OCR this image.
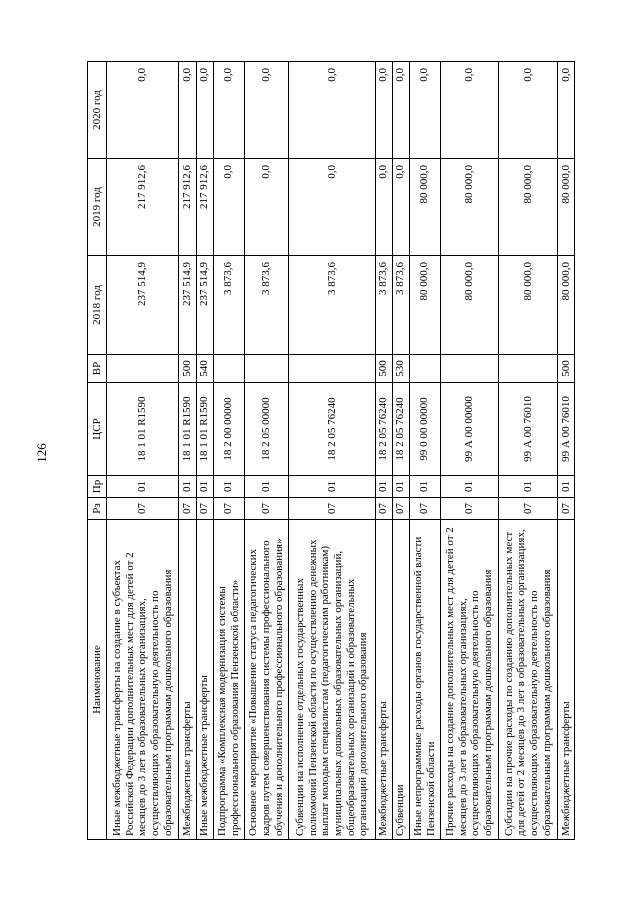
126
Наименование	Рз	Пр	ЦСР	ВР	2018 год	2019 год	2020 год
Иные межбюджетные трансферты на создание в субъектах Российской Федерации дополнительных мест для детей от 2 месяцев до 3 лет в образовательных организациях, осуществляющих образовательную деятельность по образовательным программам дошкольного образования	07	01	18 1 01 R1590		237 514,9	217 912,6	0,0
Межбюджетные трансферты	07	01	18 1 01 R1590	500	237 514,9	217 912,6	0,0
Иные межбюджетные трансферты	07	01	18 1 01 R1590	540	237 514,9	217 912,6	0,0
Подпрограмма «Комплексная модернизация системы профессионального образования Пензенской области»	07	01	18 2 00 00000		3 873,6	0,0	0,0
Основное мероприятие «Повышение статуса педагогических кадров путем совершенствования системы профессионального обучения и дополнительного профессионального образования»	07	01	18 2 05 00000		3 873,6	0,0	0,0
Субвенции на исполнение отдельных государственных полномочий Пензенской области по осуществлению денежных выплат молодым специалистам (педагогическим работникам) муниципальных дошкольных образовательных организаций, общеобразовательных организаций и образовательных организаций дополнительного образования	07	01	18 2 05 76240		3 873,6	0,0	0,0
Межбюджетные трансферты	07	01	18 2 05 76240	500	3 873,6	0,0	0,0
Субвенции	07	01	18 2 05 76240	530	3 873,6	0,0	0,0
Иные непрограммные расходы органов государственной власти Пензенской области	07	01	99 0 00 00000		80 000,0	80 000,0	0,0
Прочие расходы на создание дополнительных мест для детей от 2 месяцев до 3 лет в образовательных организациях, осуществляющих образовательную деятельность по образовательным программам дошкольного образования	07	01	99 А 00 00000		80 000,0	80 000,0	0,0
Субсидии на прочие расходы по созданию дополнительных мест для детей от 2 месяцев до 3 лет в образовательных организациях, осуществляющих образовательную деятельность по образовательным программам дошкольного образования	07	01	99 А 00 76010		80 000,0	80 000,0	0,0
Межбюджетные трансферты	07	01	99 А 00 76010	500	80 000,0	80 000,0	0,0
